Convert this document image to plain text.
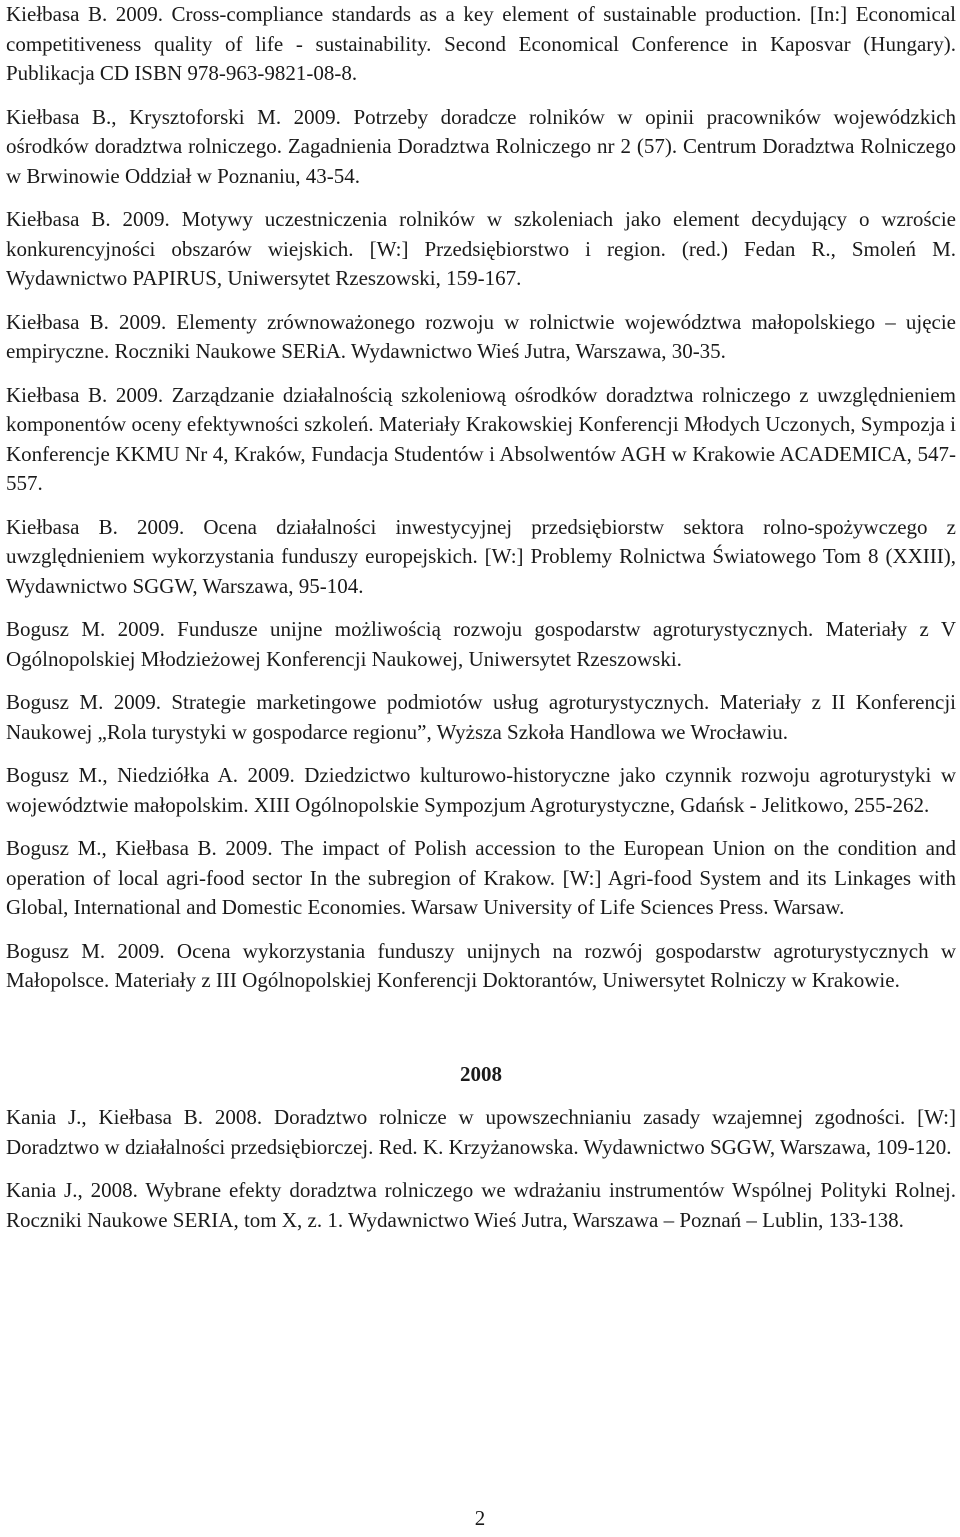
Kiełbasa B. 2009. Cross-compliance standards as a key element of sustainable production. [In:] Economical competitiveness quality of life - sustainability. Second Economical Conference in Kaposvar (Hungary). Publikacja CD ISBN 978-963-9821-08-8.

Kiełbasa B., Krysztoforski M. 2009. Potrzeby doradcze rolników w opinii pracowników wojewódzkich ośrodków doradztwa rolniczego. Zagadnienia Doradztwa Rolniczego nr 2 (57). Centrum Doradztwa Rolniczego w Brwinowie Oddział w Poznaniu, 43-54.

Kiełbasa B. 2009. Motywy uczestniczenia rolników w szkoleniach jako element decydujący o wzroście konkurencyjności obszarów wiejskich. [W:] Przedsiębiorstwo i region. (red.) Fedan R., Smoleń M. Wydawnictwo PAPIRUS, Uniwersytet Rzeszowski, 159-167.

Kiełbasa B. 2009. Elementy zrównoważonego rozwoju w rolnictwie województwa małopolskiego – ujęcie empiryczne. Roczniki Naukowe SERiA. Wydawnictwo Wieś Jutra, Warszawa, 30-35.

Kiełbasa B. 2009. Zarządzanie działalnością szkoleniową ośrodków doradztwa rolniczego z uwzględnieniem komponentów oceny efektywności szkoleń. Materiały Krakowskiej Konferencji Młodych Uczonych, Sympozja i Konferencje KKMU Nr 4, Kraków, Fundacja Studentów i Absolwentów AGH w Krakowie ACADEMICA, 547-557.

Kiełbasa B. 2009. Ocena działalności inwestycyjnej przedsiębiorstw sektora rolno-spożywczego z uwzględnieniem wykorzystania funduszy europejskich. [W:] Problemy Rolnictwa Światowego Tom 8 (XXIII), Wydawnictwo SGGW, Warszawa, 95-104.

Bogusz M. 2009. Fundusze unijne możliwością rozwoju gospodarstw agroturystycznych. Materiały z V Ogólnopolskiej Młodzieżowej Konferencji Naukowej, Uniwersytet Rzeszowski.

Bogusz M. 2009. Strategie marketingowe podmiotów usług agroturystycznych. Materiały z II Konferencji Naukowej „Rola turystyki w gospodarce regionu”, Wyższa Szkoła Handlowa we Wrocławiu.

Bogusz M., Niedziółka A. 2009. Dziedzictwo kulturowo-historyczne jako czynnik rozwoju agroturystyki w województwie małopolskim. XIII Ogólnopolskie Sympozjum Agroturystyczne, Gdańsk - Jelitkowo, 255-262.

Bogusz M., Kiełbasa B. 2009. The impact of Polish accession to the European Union on the condition and operation of local agri-food sector In the subregion of Krakow. [W:] Agri-food System and its Linkages with Global, International and Domestic Economies. Warsaw University of Life Sciences Press. Warsaw.

Bogusz M. 2009. Ocena wykorzystania funduszy unijnych na rozwój gospodarstw agroturystycznych w Małopolsce. Materiały z III Ogólnopolskiej Konferencji Doktorantów, Uniwersytet Rolniczy w Krakowie.

2008

Kania J., Kiełbasa B. 2008. Doradztwo rolnicze w upowszechnianiu zasady wzajemnej zgodności. [W:] Doradztwo w działalności przedsiębiorczej. Red. K. Krzyżanowska. Wydawnictwo SGGW, Warszawa, 109-120.

Kania J., 2008. Wybrane efekty doradztwa rolniczego we wdrażaniu instrumentów Wspólnej Polityki Rolnej. Roczniki Naukowe SERIA, tom X, z. 1. Wydawnictwo Wieś Jutra, Warszawa – Poznań – Lublin, 133-138.

2
